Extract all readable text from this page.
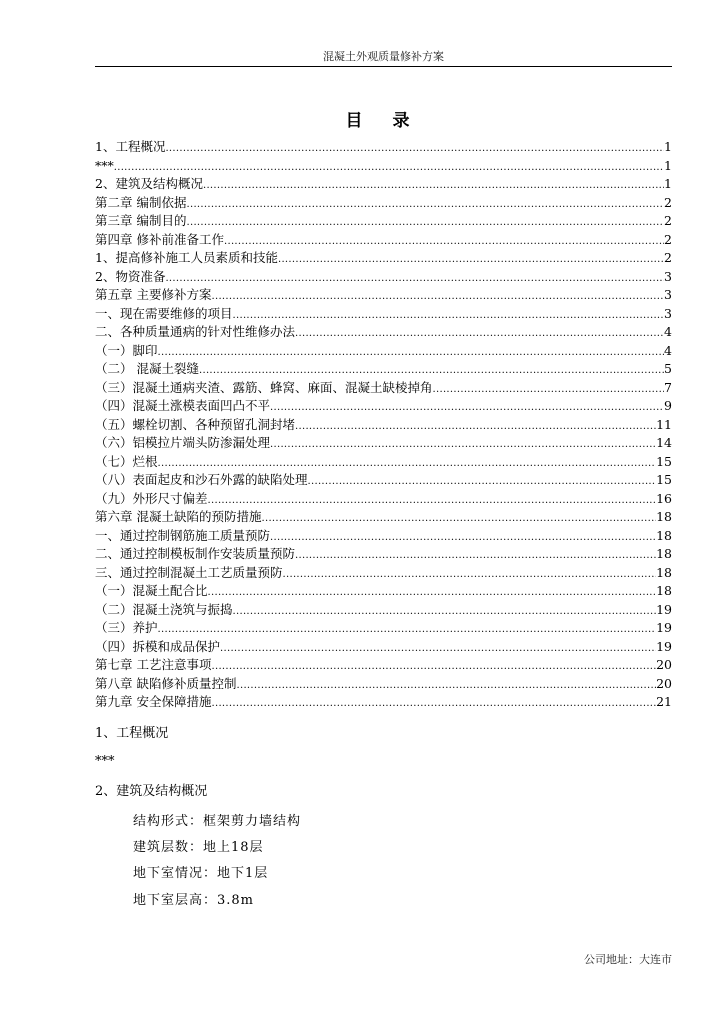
混凝土外观质量修补方案
目 录
1、工程概况 .....	1
*** .....	1
2、建筑及结构概况 .....	1
第二章 编制依据 .....	2
第三章 编制目的 .....	2
第四章 修补前准备工作 .....	2
1、提高修补施工人员素质和技能 .....	2
2、物资准备 .....	3
第五章 主要修补方案 .....	3
一、现在需要维修的项目 .....	3
二、各种质量通病的针对性维修办法 .....	4
（一）脚印 .....	4
（二） 混凝土裂缝 .....	5
（三）混凝土通病夹渣、露筋、蜂窝、麻面、混凝土缺棱掉角 .....	7
（四）混凝土涨模表面凹凸不平 .....	9
（五）螺栓切割、各种预留孔洞封堵 .....	11
（六）铝模拉片端头防渗漏处理 .....	14
（七）烂根 .....	15
（八）表面起皮和沙石外露的缺陷处理 .....	15
（九）外形尺寸偏差 .....	16
第六章 混凝土缺陷的预防措施 .....	18
一、通过控制钢筋施工质量预防 .....	18
二、通过控制模板制作安装质量预防 .....	18
三、通过控制混凝土工艺质量预防 .....	18
（一）混凝土配合比 .....	18
（二）混凝土浇筑与振捣 .....	19
（三）养护 .....	19
（四）拆模和成品保护 .....	19
第七章 工艺注意事项 .....	20
第八章 缺陷修补质量控制 .....	20
第九章 安全保障措施 .....	21
1、工程概况
***
2、建筑及结构概况
结构形式：框架剪力墙结构
建筑层数：地上18层
地下室情况：地下1层
地下室层高：3.8m
公司地址：大连市
